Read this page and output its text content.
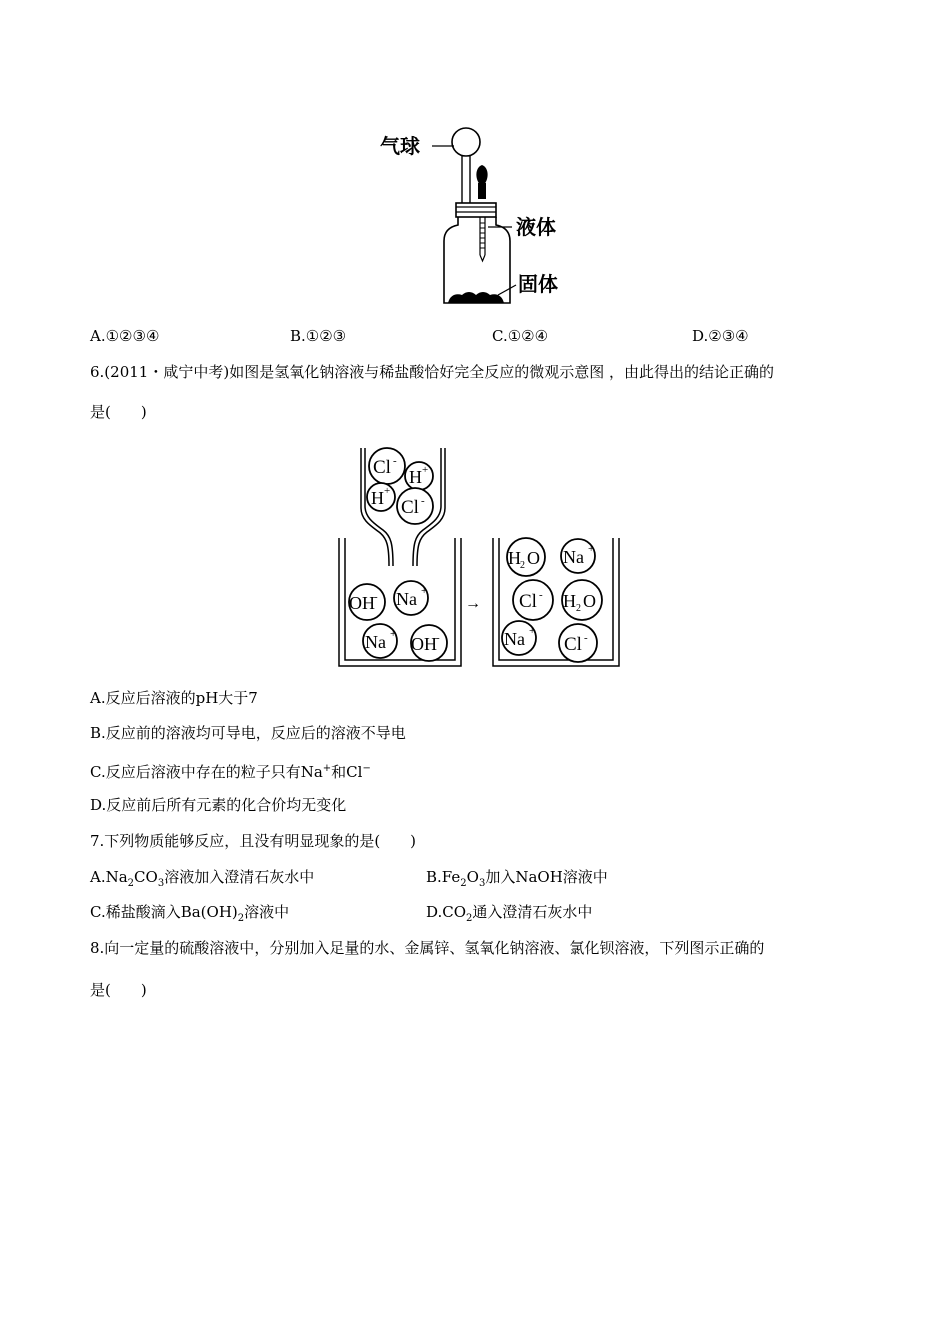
气球
液体
固体
A.①②③④	B.①②③	C.①②④	D.②③④
6.(2011・咸宁中考)如图是氢氧化钠溶液与稀盐酸恰好完全反应的微观示意图 ，由此得出的结论正确的
是(　　)
Cl -
H +
H +
Cl -
OH - Na +
Na + OH -
→
H 2 O Na +
Cl - H 2 O
Na +
Cl -
A.反应后溶液的pH大于7
B.反应前的溶液均可导电，反应后的溶液不导电
C.反应后溶液中存在的粒子只有Na+和Cl−
D.反应前后所有元素的化合价均无变化
7.下列物质能够反应，且没有明显现象的是(　　)
$A.Na_2CO_3$溶液加入澄清石灰水中	$B.Fe_2O_3$加入NaOH溶液中
C.稀盐酸滴入$Ba(OH)_2$溶液中	$D.CO_2$通入澄清石灰水中
8.向一定量的硫酸溶液中，分别加入足量的水、金属锌、氢氧化钠溶液、氯化钡溶液，下列图示正确的
是(　　)
